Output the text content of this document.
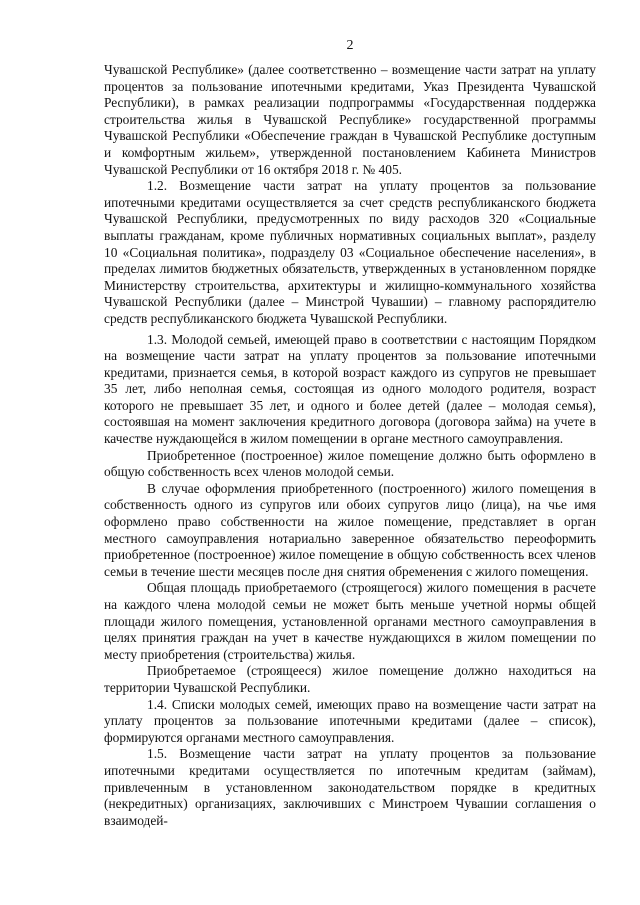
2

Чувашской Республике» (далее соответственно – возмещение части затрат на уплату процентов за пользование ипотечными кредитами, Указ Президента Чувашской Республики), в рамках реализации подпрограммы «Государственная поддержка строительства жилья в Чувашской Республике» государственной программы Чувашской Республики «Обеспечение граждан в Чувашской Республике доступным и комфортным жильем», утвержденной постановлением Кабинета Министров Чувашской Республики от 16 октября 2018 г. № 405.

1.2. Возмещение части затрат на уплату процентов за пользование ипотечными кредитами осуществляется за счет средств республиканского бюджета Чувашской Республики, предусмотренных по виду расходов 320 «Социальные выплаты гражданам, кроме публичных нормативных социальных выплат», разделу 10 «Социальная политика», подразделу 03 «Социальное обеспечение населения», в пределах лимитов бюджетных обязательств, утвержденных в установленном порядке Министерству строительства, архитектуры и жилищно-коммунального хозяйства Чувашской Республики (далее – Минстрой Чувашии) – главному распорядителю средств республиканского бюджета Чувашской Республики.

1.3. Молодой семьей, имеющей право в соответствии с настоящим Порядком на возмещение части затрат на уплату процентов за пользование ипотечными кредитами, признается семья, в которой возраст каждого из супругов не превышает 35 лет, либо неполная семья, состоящая из одного молодого родителя, возраст которого не превышает 35 лет, и одного и более детей (далее – молодая семья), состоявшая на момент заключения кредитного договора (договора займа) на учете в качестве нуждающейся в жилом помещении в органе местного самоуправления.

Приобретенное (построенное) жилое помещение должно быть оформлено в общую собственность всех членов молодой семьи.

В случае оформления приобретенного (построенного) жилого помещения в собственность одного из супругов или обоих супругов лицо (лица), на чье имя оформлено право собственности на жилое помещение, представляет в орган местного самоуправления нотариально заверенное обязательство переоформить приобретенное (построенное) жилое помещение в общую собственность всех членов семьи в течение шести месяцев после дня снятия обременения с жилого помещения.

Общая площадь приобретаемого (строящегося) жилого помещения в расчете на каждого члена молодой семьи не может быть меньше учетной нормы общей площади жилого помещения, установленной органами местного самоуправления в целях принятия граждан на учет в качестве нуждающихся в жилом помещении по месту приобретения (строительства) жилья.

Приобретаемое (строящееся) жилое помещение должно находиться на территории Чувашской Республики.

1.4. Списки молодых семей, имеющих право на возмещение части затрат на уплату процентов за пользование ипотечными кредитами (далее – список), формируются органами местного самоуправления.

1.5. Возмещение части затрат на уплату процентов за пользование ипотечными кредитами осуществляется по ипотечным кредитам (займам), привлеченным в установленном законодательством порядке в кредитных (некредитных) организациях, заключивших с Минстроем Чувашии соглашения о взаимодей-
